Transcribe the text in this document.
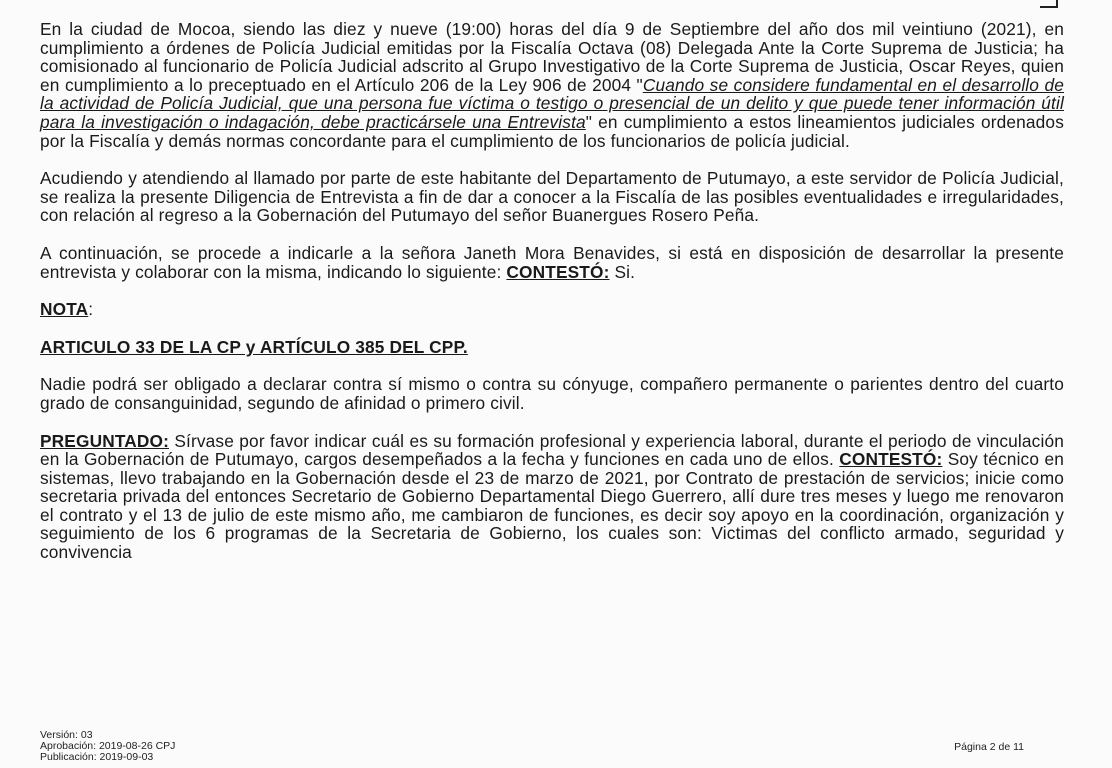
En la ciudad de Mocoa, siendo las diez y nueve (19:00) horas del día 9 de Septiembre del año dos mil veintiuno (2021), en cumplimiento a órdenes de Policía Judicial emitidas por la Fiscalía Octava (08) Delegada Ante la Corte Suprema de Justicia; ha comisionado al funcionario de Policía Judicial adscrito al Grupo Investigativo de la Corte Suprema de Justicia, Oscar Reyes, quien en cumplimiento a lo preceptuado en el Artículo 206 de la Ley 906 de 2004 "Cuando se considere fundamental en el desarrollo de la actividad de Policía Judicial, que una persona fue víctima o testigo o presencial de un delito y que puede tener información útil para la investigación o indagación, debe practicársele una Entrevista" en cumplimiento a estos lineamientos judiciales ordenados por la Fiscalía y demás normas concordante para el cumplimiento de los funcionarios de policía judicial.

Acudiendo y atendiendo al llamado por parte de este habitante del Departamento de Putumayo, a este servidor de Policía Judicial, se realiza la presente Diligencia de Entrevista a fin de dar a conocer a la Fiscalía de las posibles eventualidades e irregularidades, con relación al regreso a la Gobernación del Putumayo del señor Buanergues Rosero Peña.

A continuación, se procede a indicarle a la señora Janeth Mora Benavides, si está en disposición de desarrollar la presente entrevista y colaborar con la misma, indicando lo siguiente: CONTESTÓ: Si.

NOTA:

ARTICULO 33 DE LA CP y ARTÍCULO 385 DEL CPP.

Nadie podrá ser obligado a declarar contra sí mismo o contra su cónyuge, compañero permanente o parientes dentro del cuarto grado de consanguinidad, segundo de afinidad o primero civil.

PREGUNTADO: Sírvase por favor indicar cuál es su formación profesional y experiencia laboral, durante el periodo de vinculación en la Gobernación de Putumayo, cargos desempeñados a la fecha y funciones en cada uno de ellos. CONTESTÓ: Soy técnico en sistemas, llevo trabajando en la Gobernación desde el 23 de marzo de 2021, por Contrato de prestación de servicios; inicie como secretaria privada del entonces Secretario de Gobierno Departamental Diego Guerrero, allí dure tres meses y luego me renovaron el contrato y el 13 de julio de este mismo año, me cambiaron de funciones, es decir soy apoyo en la coordinación, organización y seguimiento de los 6 programas de la Secretaria de Gobierno, los cuales son: Victimas del conflicto armado, seguridad y convivencia

Versión: 03
Aprobación: 2019-08-26 CPJ
Publicación: 2019-09-03
Página 2 de 11
